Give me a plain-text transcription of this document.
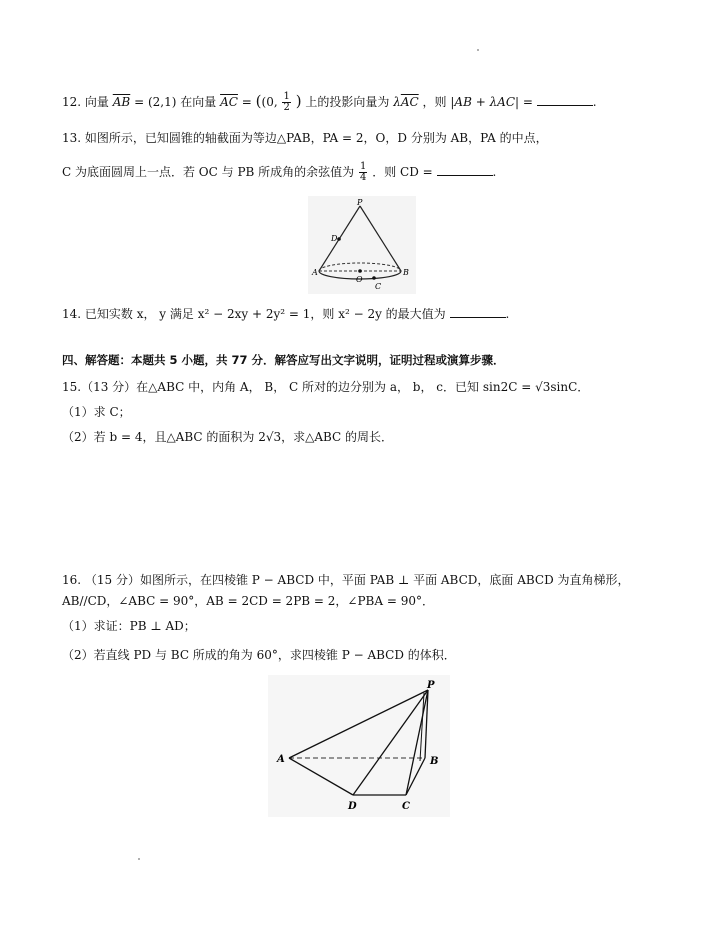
12. 向量 $\overline{AB} = (2,1)$ 在向量 $\overline{AC} = ((0$, $\frac{1}{2}$ ) 上的投影向量为 $\lambda\overline{AC}$ ，则 |AB + λAC| =	.
13. 如图所示，已知圆锥的轴截面为等边△PAB，PA = 2，O，D 分别为 AB，PA 的中点，
C 为底面圆周上一点．若 OC 与 PB 所成角的余弦值为 $\frac{1}{4}$ ．则 CD =	.
P
D
A	B
O
C
14. 已知实数 x， y 满足 x² − 2xy + 2y² = 1，则 x² − 2y 的最大值为	.
四、解答题：本题共 5 小题，共 77 分．解答应写出文字说明，证明过程或演算步骤．
15.（13 分）在△ABC 中，内角 A， B， C 所对的边分别为 a， b， c．已知 sin2C = √3sinC．
（1）求 C；
（2）若 b = 4，且△ABC 的面积为 2√3，求△ABC 的周长．
16. （15 分）如图所示，在四棱锥 P − ABCD 中，平面 PAB ⊥ 平面 ABCD，底面 ABCD 为直角梯形，
AB//CD，∠ABC = 90°，AB = 2CD = 2PB = 2，∠PBA = 90°．
（1）求证：PB ⊥ AD；
（2）若直线 PD 与 BC 所成的角为 60°，求四棱锥 P − ABCD 的体积．
P
A	B
C
D
